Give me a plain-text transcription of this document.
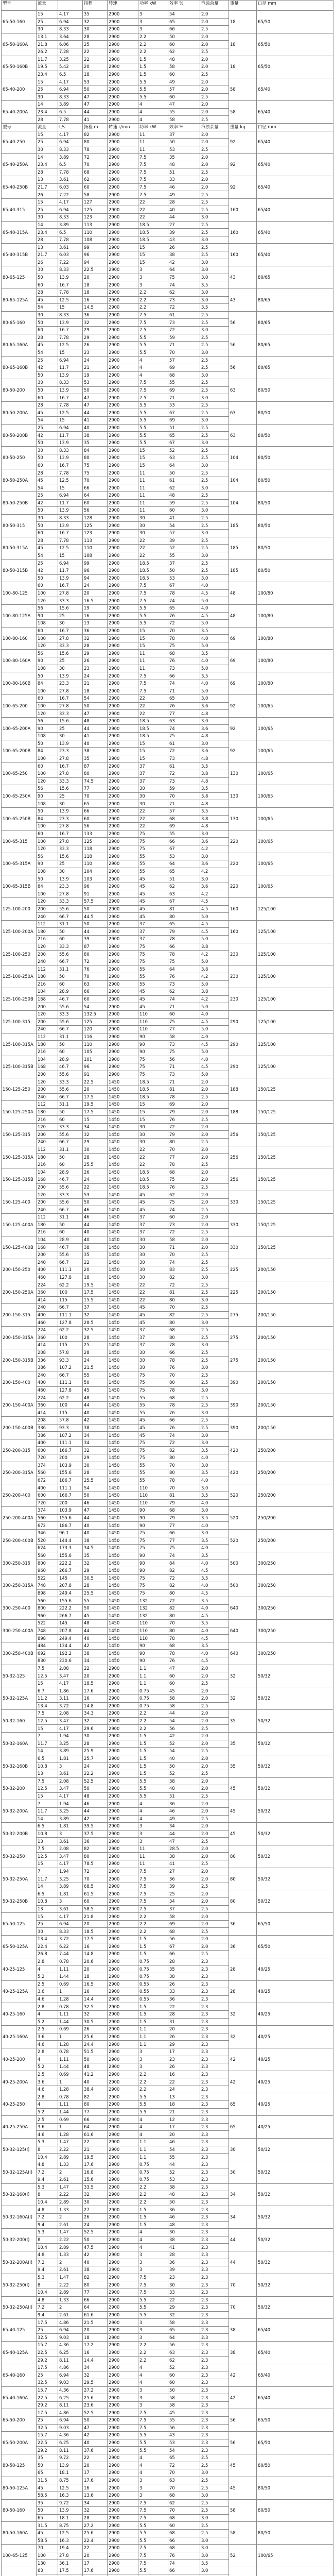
型号	流量		扬程	转速	功率 kW	效率 %	汽蚀余量	重量	口径 mm
65-50-160	15	4.17	35	2900	3	54	2.0	18	65/50
	25	6.94	32	2900	3	65	2.0		
	30	8.33	30	2900	3	66	2.5		
65-50-160A	13.1	3.64	28	2900	2.2	50	2.0	18	65/50
	21.8	6.06	25	2900	2.2	60	2.0		
	26.2	7.28	22	2900	2.2	62	2.5		
65-50-160B	11.7	3.25	22	2900	1.5	48	2.0	18	65/50
	19.5	5.42	20	2900	1.5	58	2.0		
	23.4	6.5	18	2900	1.5	60	2.5		
65-40-200	15	4.17	53	2900	5.5	49	2.0	58	65/40
	25	6.94	50	2900	5.5	57	2.0		
	30	8.33	47	2900	5.5	60	2.5		
65-40-200A	14	3.89	47	2900	4	47	2.0	58	65/40
	23.4	6.5	44	2900	4	55	2.0		
	28	7.78	41	2900	4	58	2.5		
型号	流量	L/s	扬程 m	转速 r/min	功率 kW	效率 %	汽蚀余量	重量 kg	口径 mm
65-40-250	15	4.17	82	2900	11	37	2.0	92	65/40
	25	6.94	80	2900	11	50	2.0		
	30	8.33	78	2900	11	53	2.5		
65-40-250A	14	3.89	72	2900	7.5	35	2.0	92	65/40
	23.4	6.5	70	2900	7.5	48	2.0		
	28	7.78	68	2900	7.5	51	2.5		
65-40-250B	13	3.61	62	2900	7.5	33	2.0	92	65/40
	21.7	6.03	60	2900	7.5	46	2.0		
	26	7.22	58	2900	7.5	49	2.5		
65-40-315	15	4.17	127	2900	22	28	2.5	160	65/40
	25	6.94	125	2900	22	40	2.5		
	30	8.33	123	2900	22	44	3.0		
65-40-315A	14	3.89	113	2900	18.5	27	2.5	160	65/40
	23.4	6.5	110	2900	18.5	39	2.5		
	28	7.78	108	2900	18.5	43	3.0		
65-40-315B	13	3.61	99	2900	15	26	2.5	160	65/40
	21.7	6.03	96	2900	15	38	2.5		
	26	7.22	94	2900	15	42	3.0		
80-65-125	30	8.33	22.5	2900	3	64	3.0	43	80/65
	50	13.9	20	2900	3	75	3.0		
	60	16.7	18	2900	3	74	3.5		
80-65-125A	28	7.78	18	2900	2.2	62	3.0	43	80/65
	45	12.5	16	2900	2.2	73	3.0		
	54	15	14.5	2900	2.2	72	3.5		
80-65-160	30	8.33	36	2900	7.5	61	2.5	56	80/65
	50	13.9	32	2900	7.5	73	2.5		
	60	16.7	29	2900	7.5	72	3.0		
80-65-160A	28	7.78	29	2900	5.5	59	2.5	56	80/65
	45	12.5	26	2900	5.5	71	2.5		
	54	15	23	2900	5.5	70	3.0		
80-65-160B	25	6.94	24	2900	4	57	2.5	56	80/65
	42	11.7	21	2900	4	69	2.5		
	50	13.9	19	2900	4	68	3.0		
80-50-200	30	8.33	53	2900	7.5	55	2.5	63	80/50
	50	13.9	50	2900	7.5	69	2.5		
	60	16.7	47	2900	7.5	71	3.0		
80-50-200A	28	7.78	47	2900	5.5	53	2.5	63	80/50
	45	12.5	44	2900	5.5	67	2.5		
	54	15	41	2900	5.5	69	3.0		
80-50-200B	25	6.94	40	2900	5.5	51	2.5	63	80/50
	42	11.7	38	2900	5.5	65	2.5		
	50	13.9	35	2900	5.5	67	3.0		
80-50-250	30	8.33	84	2900	15	52	2.5	104	80/50
	50	13.9	80	2900	15	63	2.5		
	60	16.7	75	2900	15	64	3.0		
80-50-250A	28	7.78	75	2900	11	50	2.5	104	80/50
	45	12.5	70	2900	11	61	2.5		
	54	15	66	2900	11	62	3.0		
80-50-250B	25	6.94	64	2900	11	48	2.5	104	80/50
	42	11.7	60	2900	11	59	2.5		
	50	13.9	56	2900	11	60	3.0		
80-50-315	30	8.33	128	2900	30	41	2.5	185	80/50
	50	13.9	125	2900	30	54	2.5		
	60	16.7	123	2900	30	57	3.0		
80-50-315A	28	7.78	113	2900	22	39	2.5	185	80/50
	45	12.5	110	2900	22	52	2.5		
	54	15	108	2900	22	55	3.0		
80-50-315B	25	6.94	99	2900	18.5	37	2.5	185	80/50
	42	11.7	96	2900	18.5	50	2.5		
	50	13.9	94	2900	18.5	53	3.0		
100-80-125	60	16.7	24	2900	7.5	67	4.0	48	100/80
	100	27.8	20	2900	7.5	78	4.5		
	120	33.3	16.5	2900	7.5	74	5.0		
100-80-125A	56	15.6	19	2900	5.5	65	4.0	48	100/80
	90	25	16	2900	5.5	76	4.5		
	108	30	13	2900	5.5	72	5.0		
100-80-160	60	16.7	36	2900	15	70	3.5	69	100/80
	100	27.8	32	2900	15	78	4.0		
	120	33.3	28	2900	15	75	5.0		
100-80-160A	56	15.6	29	2900	11	68	3.5	69	100/80
	90	25	26	2900	11	76	4.0		
	108	30	23	2900	11	73	5.0		
100-80-160B	50	13.9	24	2900	7.5	66	3.5	69	100/80
	84	23.3	21	2900	7.5	74	4.0		
	100	27.8	18	2900	7.5	71	5.0		
100-65-200	60	16.7	54	2900	22	65	3.0	92	100/65
	100	27.8	50	2900	22	76	3.6		
	120	33.3	47	2900	22	77	4.8		
100-65-200A	56	15.6	48	2900	18.5	63	3.0	92	100/65
	90	25	44	2900	18.5	74	3.6		
	108	30	41	2900	18.5	75	4.8		
100-65-200B	50	13.9	40	2900	15	61	3.0	92	100/65
	84	23.3	38	2900	15	72	3.6		
	100	27.8	35	2900	15	73	4.8		
100-65-250	60	16.7	87	2900	37	61	3.5	130	100/65
	100	27.8	80	2900	37	72	3.8		
	120	33.3	74.5	2900	37	73	4.8		
100-65-250A	56	15.6	77	2900	30	59	3.5	130	100/65
	90	25	70	2900	30	70	3.8		
	108	30	65	2900	30	71	4.8		
100-65-250B	50	13.9	66	2900	22	57	3.5	130	100/65
	84	23.3	60	2900	22	68	3.8		
	100	27.8	56	2900	22	69	4.8		
100-65-315	60	16.7	133	2900	75	55	3.0	220	100/65
	100	27.8	125	2900	75	66	3.6		
	120	33.3	118	2900	75	67	4.2		
100-65-315A	56	15.6	118	2900	55	53	3.0	220	100/65
	90	25	110	2900	55	64	3.6		
	108	30	104	2900	55	65	4.2		
100-65-315B	50	13.9	103	2900	45	51	3.0	220	100/65
	84	23.3	96	2900	45	62	3.6		
	100	27.8	91	2900	45	63	4.2		
125-100-200	120	33.3	57.5	2900	45	67	4.5	160	125/100
	200	55.6	50	2900	45	81	4.5		
	240	66.7	44.5	2900	45	80	5.0		
125-100-200A	112	31.1	50	2900	37	65	4.5	160	125/100
	180	50	44	2900	37	79	4.5		
	216	60	39	2900	37	78	5.0		
125-100-250	120	33.3	87	2900	75	66	3.8	230	125/100
	200	55.6	80	2900	75	78	4.2		
	240	66.7	72	2900	75	75	5.0		
125-100-250A	112	31.1	76	2900	55	64	3.8	230	125/100
	180	50	70	2900	55	76	4.2		
	216	60	63	2900	55	73	5.0		
125-100-250B	104	28.9	66	2900	45	62	3.8	230	125/100
	168	46.7	60	2900	45	74	4.2		
	200	55.6	54	2900	45	71	5.0		
125-100-315	120	33.3	132.5	2900	110	60	4.0	290	125/100
	200	55.6	125	2900	110	75	4.5		
	240	66.7	120	2900	110	77	5.0		
125-100-315A	112	31.1	116	2900	90	58	4.0	290	125/100
	180	50	110	2900	90	73	4.5		
	216	60	105	2900	90	75	5.0		
125-100-315B	104	28.9	101	2900	75	56	4.0	290	125/100
	168	46.7	96	2900	75	71	4.5		
	200	55.6	91	2900	75	73	5.0		
150-125-250	120	33.3	22.5	1450	18.5	71	2.0	188	150/125
	200	55.6	20	1450	18.5	81	2.0		
	240	66.7	17.5	1450	18.5	78	2.5		
150-125-250A	112	31.1	19.5	1450	15	69	2.0	188	150/125
	180	50	17.5	1450	15	79	2.0		
	216	60	15	1450	15	76	2.5		
150-125-315	120	33.3	34	1450	30	72	2.0	256	150/125
	200	55.6	32	1450	30	79	2.0		
	240	66.7	29	1450	30	80	2.5		
150-125-315A	112	31.1	30	1450	22	70	2.0	256	150/125
	180	50	28	1450	22	77	2.0		
	216	60	25.5	1450	22	78	2.5		
150-125-315B	104	28.9	26	1450	18.5	68	2.0	256	150/125
	168	46.7	24	1450	18.5	75	2.0		
	200	55.6	22	1450	18.5	76	2.5		
150-125-400	120	33.3	53	1450	45	62	2.0	330	150/125
	200	55.6	50	1450	45	75	2.0		
	240	66.7	46	1450	45	74	2.5		
150-125-400A	112	31.1	46	1450	37	60	2.0	330	150/125
	180	50	44	1450	37	73	2.0		
	216	60	40	1450	37	72	2.5		
150-125-400B	104	28.9	40	1450	30	58	2.0	330	150/125
	168	46.7	38	1450	30	71	2.0		
	200	55.6	35	1450	30	70	2.5		
200-150-250	240	66.7	22	1450	30	74	2.5	225	200/150
	400	111.1	20	1450	30	83	2.5		
	460	127.8	18	1450	30	82	3.0		
200-150-250A	224	62.2	19.5	1450	22	72	2.5	225	200/150
	360	100	17.5	1450	22	81	2.5		
	414	115	15.5	1450	22	80	3.0		
200-150-315	240	66.7	37	1450	45	70	2.5	275	200/150
	400	111.1	32	1450	45	82	2.5		
	460	127.8	28.5	1450	45	80	3.0		
200-150-315A	224	62.2	32.5	1450	37	68	2.5	275	200/150
	360	100	28	1450	37	80	2.5		
	414	115	25	1450	37	78	3.0		
200-150-315B	208	57.8	28	1450	30	66	2.5	275	200/150
	336	93.3	24	1450	30	78	2.5		
	386	107.2	21.5	1450	30	76	3.0		
200-150-400	240	66.7	55	1450	75	70	2.5	390	200/150
	400	111.1	50	1450	75	80	2.5		
	460	127.8	45	1450	75	78	3.0		
200-150-400A	224	62.2	48	1450	55	68	2.5	390	200/150
	360	100	44	1450	55	78	2.5		
	414	115	40	1450	55	76	3.0		
200-150-400B	208	57.8	42	1450	45	66	2.5	390	200/150
	336	93.3	38	1450	45	76	2.5		
	386	107.2	34	1450	45	74	3.0		
250-200-315	400	111.1	34	1450	75	72	3.0	420	250/200
	600	166.7	32	1450	75	82	3.5		
	720	200	29	1450	75	80	4.0		
250-200-315A	374	103.9	30	1450	55	70	3.0	420	250/200
	560	155.6	28	1450	55	80	3.5		
	672	186.7	25.5	1450	55	78	4.0		
250-200-400	400	111.1	54	1450	110	70	3.0	520	250/200
	600	166.7	50	1450	110	81	3.5		
	720	200	46	1450	110	79	4.0		
250-200-400A	374	103.9	47	1450	90	68	3.0	520	250/200
	560	155.6	44	1450	90	79	3.5		
	672	186.7	40	1450	90	77	4.0		
250-200-400B	346	96.1	40	1450	75	66	3.0	520	250/200
	520	144.4	38	1450	75	77	3.5		
	624	173.3	34.5	1450	75	75	4.0		
300-250-315	560	155.6	35	1450	90	74	3.5	500	300/250
	800	222.2	32	1450	90	84	4.0		
	960	266.7	29	1450	90	82	4.5		
300-250-315A	522	145	30.5	1450	75	72	3.5	500	300/250
	748	207.8	28	1450	75	82	4.0		
	898	249.4	25.5	1450	75	80	4.5		
300-250-400	560	155.6	55	1450	132	72	3.5	640	300/250
	800	222.2	50	1450	132	82	4.0		
	960	266.7	45	1450	132	80	4.5		
300-250-400A	522	145	48	1450	110	70	3.5	640	300/250
	748	207.8	44	1450	110	80	4.0		
	898	249.4	40	1450	110	78	4.5		
300-250-400B	484	134.4	42	1450	90	68	3.5	640	300/250
	692	192.2	38	1450	90	78	4.0		
	830	230.6	34	1450	90	76	4.5		
50-32-125	7.5	2.08	22	2900	1.1	47	2.0	32	50/32
	12.5	3.47	20	2900	1.1	60	2.0		
	15	4.17	18.5	2900	1.1	60	2.5		
50-32-125A	6.7	1.86	17.6	2900	0.75	45	2.0	32	50/32
	11.2	3.11	16	2900	0.75	58	2.0		
	13.4	3.72	14.8	2900	0.75	58	2.5		
50-32-160	7.5	2.08	34.3	2900	2.2	44	2.0	35	50/32
	12.5	3.47	32	2900	2.2	54	2.0		
	15	4.17	29.6	2900	2.2	56	2.5		
50-32-160A	7	1.94	30	2900	1.5	42	2.0	35	50/32
	11.7	3.25	28	2900	1.5	52	2.0		
	14	3.89	25.9	2900	1.5	54	2.5		
50-32-160B	6.5	1.81	25.7	2900	1.5	40	2.0	35	50/32
	10.8	3	24	2900	1.5	50	2.0		
	13	3.61	22.2	2900	1.5	52	2.5		
50-32-200	7.5	2.08	52.5	2900	5.5	38	2.0	45	50/32
	12.5	3.47	50	2900	5.5	48	2.0		
	15	4.17	48	2900	5.5	51	2.5		
50-32-200A	7	1.94	46	2900	4	36	2.0	45	50/32
	11.7	3.25	44	2900	4	46	2.0		
	14	3.89	42	2900	4	49	2.5		
50-32-200B	6.5	1.81	39.5	2900	3	34	2.0	45	50/32
	10.8	3	37.5	2900	3	44	2.0		
	13	3.61	36	2900	3	47	2.5		
50-32-250	7.5	2.08	82	2900	11	28.5	2.0	80	50/32
	12.5	3.47	80	2900	11	38	2.0		
	15	4.17	78.5	2900	11	41	2.5		
50-32-250A	7	1.94	72	2900	7.5	27	2.0	80	50/32
	11.7	3.25	70	2900	7.5	36	2.0		
	14	3.89	68.5	2900	7.5	39	2.5		
50-32-250B	6.5	1.81	61.5	2900	7.5	25	2.0	80	50/32
	10.8	3	60	2900	7.5	34	2.0		
	13	3.61	58.5	2900	7.5	37	2.5		
65-50-125	15	4.17	21.8	2900	2.2	58	2.0	36	65/50
	25	6.94	20	2900	2.2	69	2.0		
	30	8.33	18.5	2900	2.2	68	2.5		
65-50-125A	13.4	3.72	17.5	2900	1.5	56	2.0	36	65/50
	22.4	6.22	16	2900	1.5	67	2.0		
	26.8	7.44	14.8	2900	1.5	66	2.5		
40-25-125	2.8	0.78	20.6	2900	0.75	28	2.3	28	40/25
	4	1.11	20	2900	0.75	35	2.3		
	5.2	1.44	18	2900	0.75	38	2.3		
40-25-125A	2.5	0.69	16.5	2900	0.55	26	2.3	28	40/25
	3.6	1	16	2900	0.55	33	2.3		
	4.6	1.28	14.4	2900	0.55	36	2.3		
40-25-160	2.8	0.78	32.5	2900	1.5	22	2.3	32	40/25
	4	1.11	32	2900	1.5	28	2.3		
	5.2	1.44	30.5	2900	1.5	31	2.3		
40-25-160A	2.5	0.69	26	2900	1.1	20	2.3	32	40/25
	3.6	1	25.6	2900	1.1	26	2.3		
	4.6	1.28	24.4	2900	1.1	29	2.3		
40-25-200	2.8	0.78	51.5	2900	3	17	2.3	42	40/25
	4	1.11	50	2900	3	23	2.3		
	5.2	1.44	48	2900	3	26	2.3		
40-25-200A	2.5	0.69	41.2	2900	2.2	16	2.3	42	40/25
	3.6	1	40	2900	2.2	22	2.3		
	4.6	1.28	38.4	2900	2.2	24	2.3		
40-25-250	2.8	0.78	82	2900	5.5	13	2.3	65	40/25
	4	1.11	80	2900	5.5	18	2.3		
	5.2	1.44	77	2900	5.5	21	2.3		
40-25-250A	2.5	0.69	66	2900	4	12	2.3	65	40/25
	3.6	1	64	2900	4	17	2.3		
	4.6	1.28	61.6	2900	4	20	2.3		
50-32-125(Ⅰ)	5.3	1.47	22	2900	1.1	46	2.3	30	50/32
	8	2.22	21	2900	1.1	54	2.3		
	10.4	2.89	19.5	2900	1.1	55	2.3		
50-32-125A(Ⅰ)	4.8	1.33	17.6	2900	0.75	44	2.3	30	50/32
	7.2	2	16.8	2900	0.75	52	2.3		
	9.4	2.61	15.6	2900	0.75	53	2.3		
50-32-160(Ⅰ)	5.3	1.47	33.5	2900	2.2	38	2.3	34	50/32
	8	2.22	32	2900	2.2	48	2.3		
	10.4	2.89	30	2900	2.2	50	2.3		
50-32-160A(Ⅰ)	4.8	1.33	27	2900	1.5	36	2.3	34	50/32
	7.2	2	26	2900	1.5	46	2.3		
	9.4	2.61	24	2900	1.5	48	2.3		
50-32-200(Ⅰ)	5.3	1.47	52.5	2900	4	30	2.3	44	50/32
	8	2.22	50	2900	4	38	2.3		
	10.4	2.89	47.5	2900	4	41	2.3		
50-32-200A(Ⅰ)	4.8	1.33	42	2900	3	28	2.3	44	50/32
	7.2	2	40	2900	3	36	2.3		
	9.4	2.61	38	2900	3	39	2.3		
50-32-250(Ⅰ)	5.3	1.47	82	2900	7.5	23	2.3	70	50/32
	8	2.22	80	2900	7.5	30	2.3		
	10.4	2.89	77	2900	7.5	33	2.3		
50-32-250A(Ⅰ)	4.8	1.33	66	2900	5.5	22	2.3	70	50/32
	7.2	2	64	2900	5.5	29	2.3		
	9.4	2.61	61.6	2900	5.5	32	2.3		
65-40-125	17.5	4.86	21.5	2900	3	58	2.3	38	65/40
	25	6.94	20	2900	3	65	2.3		
	32.5	9.03	18	2900	3	64	2.3		
65-40-125A	15.7	4.36	17.2	2900	2.2	56	2.3	38	65/40
	22.5	6.25	16	2900	2.2	63	2.3		
	29.2	8.11	14.4	2900	2.2	62	2.3		
65-40-160	17.5	4.86	34	2900	4	52	2.3	42	65/40
	25	6.94	32	2900	4	60	2.3		
	32.5	9.03	29.5	2900	4	60	2.3		
65-40-160A	15.7	4.36	27.2	2900	3	50	2.3	42	65/40
	22.5	6.25	25.6	2900	3	58	2.3		
	29.2	8.11	23.6	2900	3	58	2.3		
65-50-200	17.5	4.86	52.5	2900	7.5	45	2.3	56	65/50
	25	6.94	50	2900	7.5	55	2.3		
	32.5	9.03	47	2900	7.5	56	2.3		
65-50-200A	15.7	4.36	42	2900	5.5	43	2.3	56	65/50
	22.5	6.25	40	2900	5.5	53	2.3		
	29.2	8.11	37.6	2900	5.5	54	2.3		
80-50-125	35	9.72	22	2900	4	65	2.5	45	80/50
	50	13.9	20	2900	4	72	2.5		
	65	18.1	17	2900	4	70	3.0		
80-50-125A	31.5	8.75	17.6	2900	3	63	2.5	45	80/50
	45	12.5	16	2900	3	70	2.5		
	58.5	16.3	13.6	2900	3	68	3.0		
80-50-160	35	9.72	34	2900	7.5	62	2.5	58	80/50
	50	13.9	32	2900	7.5	70	2.5		
	65	18.1	28	2900	7.5	68	3.0		
80-50-160A	31.5	8.75	27.2	2900	5.5	60	2.5	58	80/50
	45	12.5	25.6	2900	5.5	68	2.5		
	58.5	16.3	22.4	2900	5.5	66	3.0		
100-65-125	70	19.4	22	2900	7.5	68	3.0	52	100/65
	100	27.8	20	2900	7.5	76	3.0		
	130	36.1	17	2900	7.5	74	3.5		
	63	17.5	17.6	2900	5.5	66	3.0		
